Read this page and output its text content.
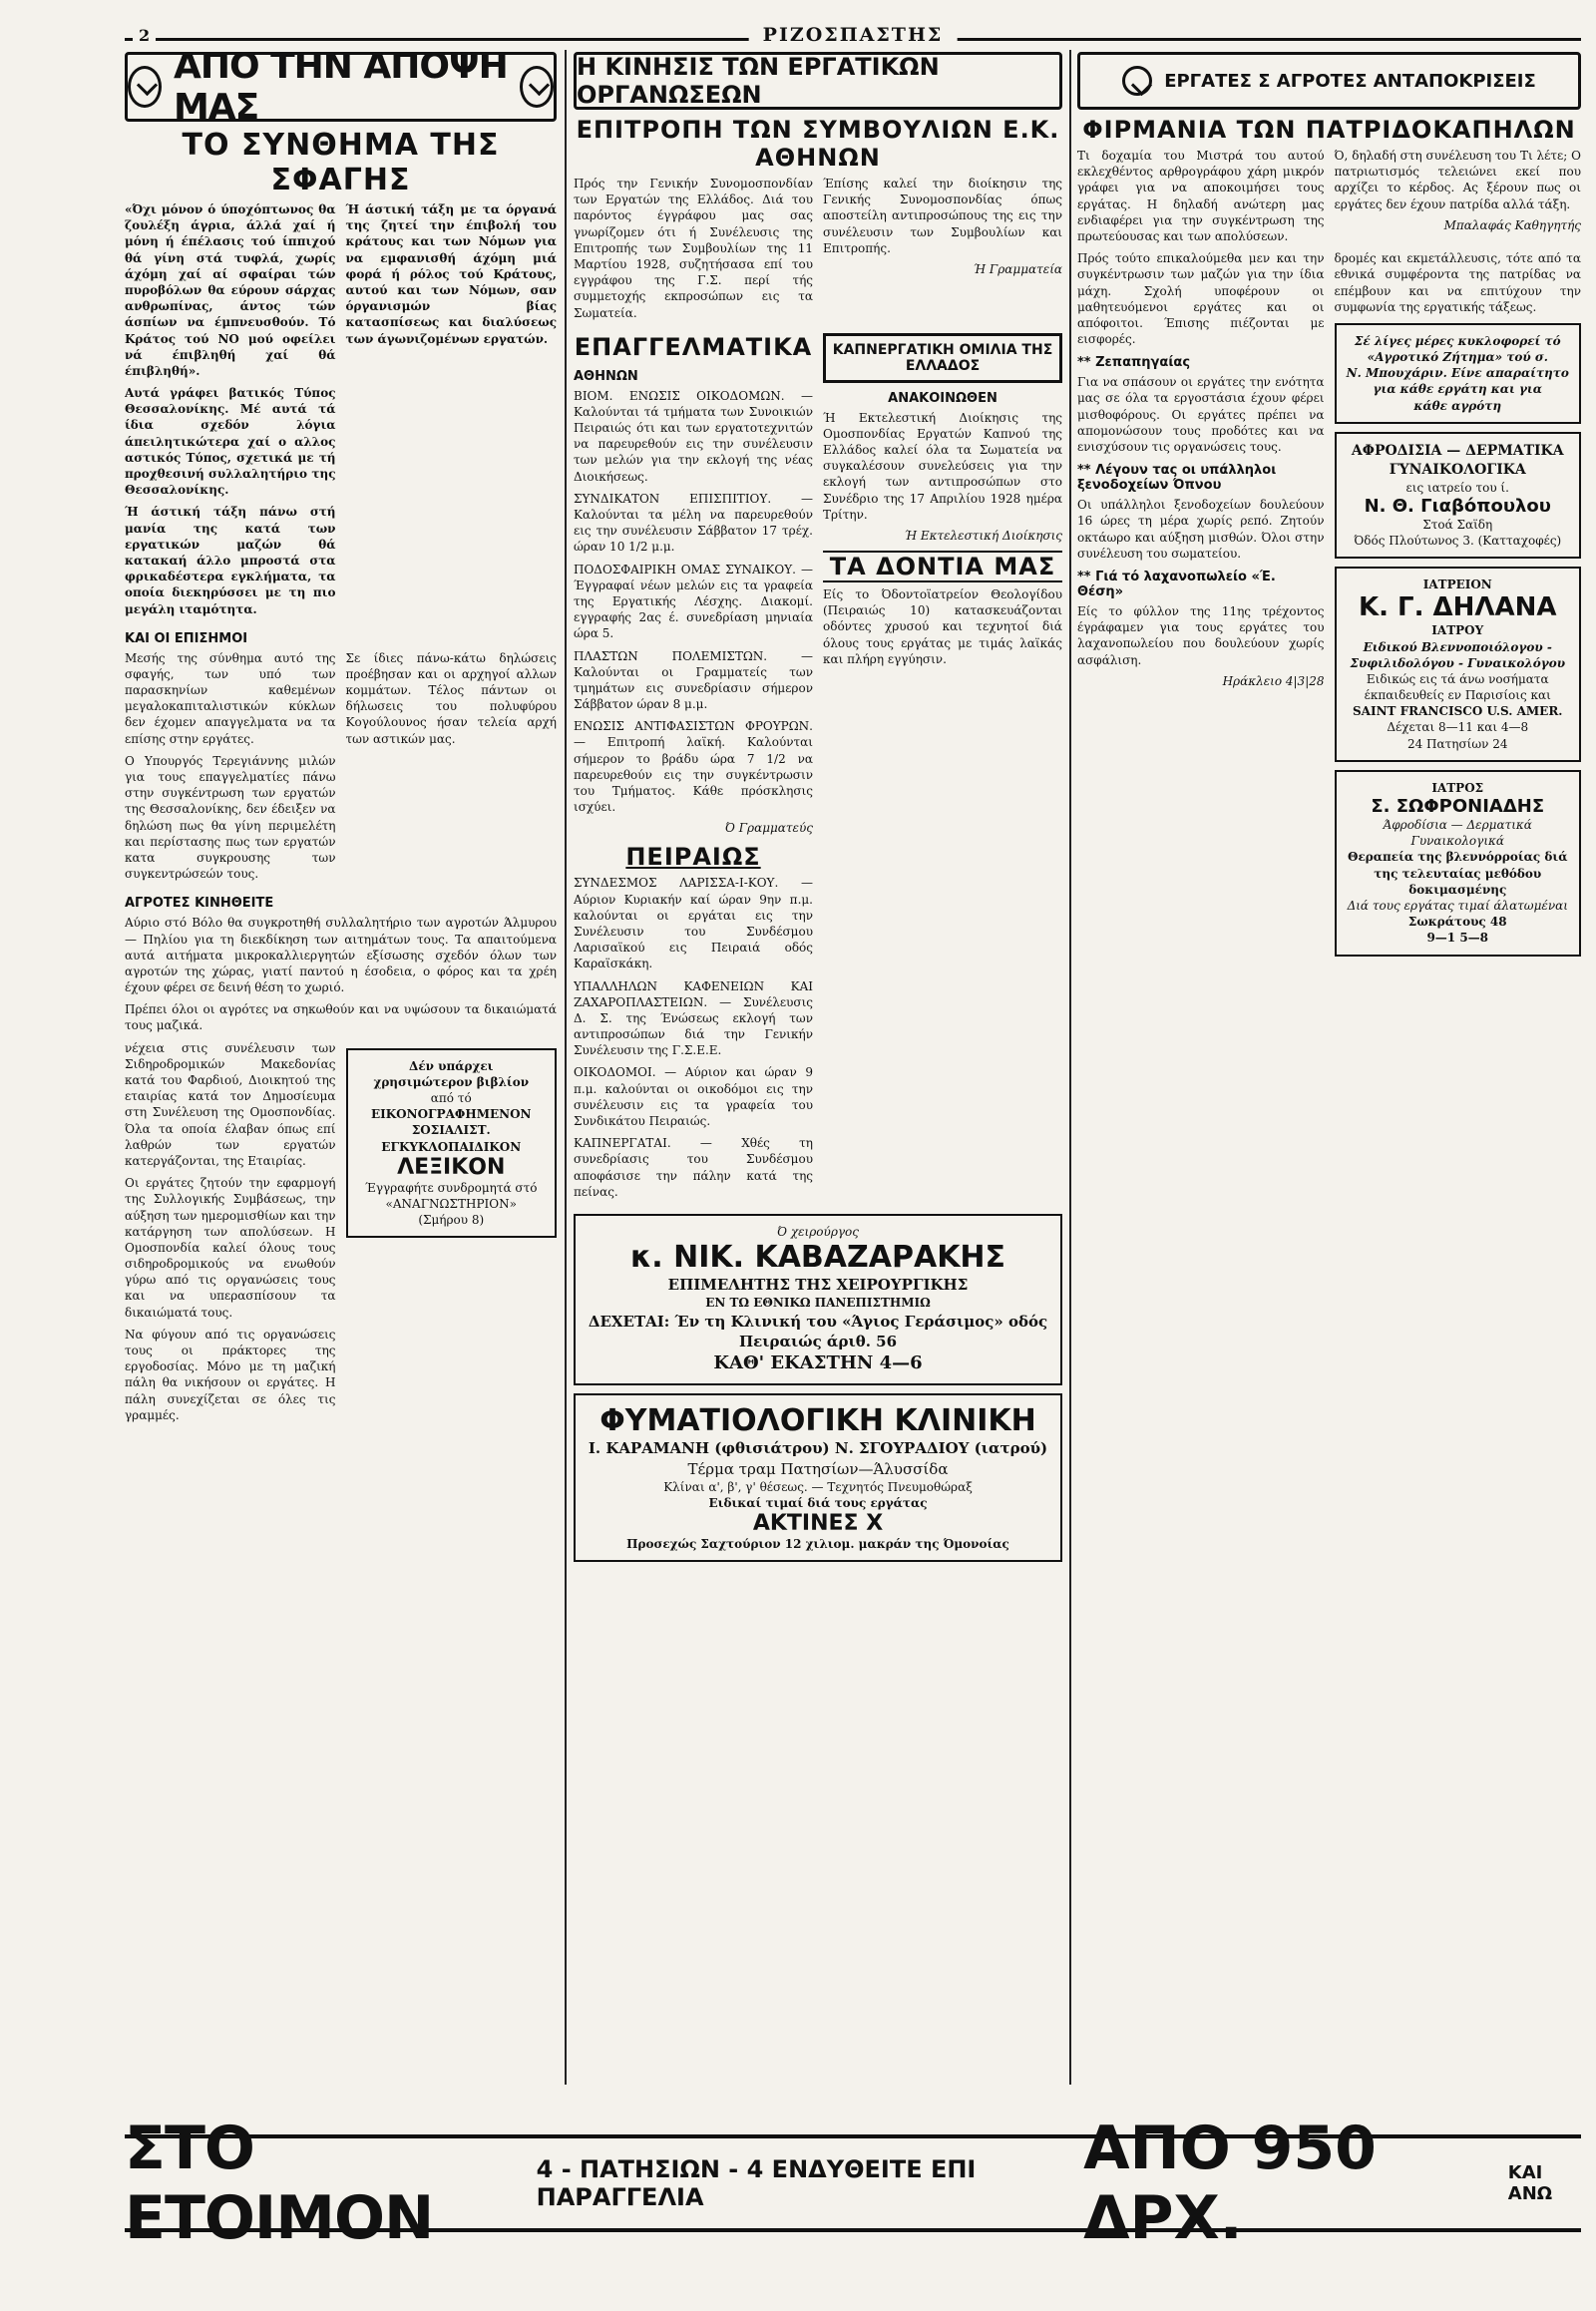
2	ΡΙΖΟΣΠΑΣΤΗΣ
ΑΠΟ ΤΗΝ ΑΠΟΨΗ ΜΑΣ
ΤΟ ΣΥΝΘΗΜΑ ΤΗΣ ΣΦΑΓΗΣ

«Όχι μόνον ό ύποχόπτωνος θα ζουλέξη άγρια, άλλά χαί ή μόνη ή έπέλασις τού ίππιχού θά γίνη στά τυφλά, χωρίς άχόμη χαί αί σφαίραι τών πυροβόλων θα εύρουν σάρχας ανθρωπίνας, άντος τών άσπίων να έμπνευσθούν. Τό Κράτος τού ΝΟ μού οφείλει νά έπιβληθή χαί θά έπιβληθή».

Αυτά γράφει βατικός Τύπος Θεσσαλονίκης. Μέ αυτά τά ίδια σχεδόν λόγια άπειλητικώτερα χαί ο αλλος αστικός Τύπος, σχετικά με τή προχθεσινή συλλαλητήριο της Θεσσαλονίκης.

Ή άστική τάξη πάνω στή μανία της κατά των εργατικών μαζών θά κατακαή άλλο μπροστά στα φρικαδέστερα εγκλήματα, τα οποία διεκηρύσσει με τη πιο μεγάλη ιταμότητα.

Ή άστική τάξη με τα όργανά της ζητεί την έπιβολή του κράτους και των Νόμων για να εμφανισθή άχόμη μιά φορά ή ρόλος τού Κράτους, αυτού και των Νόμων, σαν όργανισμών βίας κατασπίσεως και διαλύσεως των άγωνιζομένων εργατών.

ΚΑΙ ΟΙ ΕΠΙΣΗΜΟΙ

Μεσής της σύνθημα αυτό της σφαγής, των υπό των παρασκηνίων καθεμένων μεγαλοκαπιταλιστικών κύκλων δεν έχομεν απαγγελματα να τα επίσης στην εργάτες.

Ο Υπουργός Τερεγιάννης μιλών για τους επαγγελματίες πάνω στην συγκέντρωση των εργατών της Θεσσαλονίκης, δεν έδειξεν να δηλώση πως θα γίνη περιμελέτη και περίστασης πως των εργατών κατα συγκρουσης των συγκεντρώσεών τους.

Σε ίδιες πάνω-κάτω δηλώσεις προέβησαν και οι αρχηγοί αλλων κομμάτων. Τέλος πάντων οι δήλωσεις του πολυφύρου Κογούλουνος ήσαν τελεία αρχή των αστικών μας.

ΑΓΡΟΤΕΣ ΚΙΝΗΘΕΙΤΕ

Αύριο στό Βόλο θα συγκροτηθή συλλαλητήριο των αγροτών Άλμυρου — Πηλίου για τη διεκδίκηση των αιτημάτων τους. Τα απαιτούμενα αυτά αιτήματα μικροκαλλιεργητών εξίσωσης σχεδόν όλων των αγροτών της χώρας, γιατί παντού η έσοδεια, ο φόρος και τα χρέη έχουν φέρει σε δεινή θέση το χωριό.

Πρέπει όλοι οι αγρότες να σηκωθούν και να υψώσουν τα δικαιώματά τους μαζικά.

νέχεια στις συνέλευσιν των Σιδηροδρομικών Μακεδονίας κατά του Φαρδιού, Διοικητού της εταιρίας κατά τον Δημοσίευμα στη Συνέλευση της Ομοσπονδίας. Όλα τα οποία έλαβαν όπως επί λαθρών των εργατών κατεργάζονται, της Εταιρίας.

Οι εργάτες ζητούν την εφαρμογή της Συλλογικής Συμβάσεως, την αύξηση των ημερομισθίων και την κατάργηση των απολύσεων. Η Ομοσπονδία καλεί όλους τους σιδηροδρομικούς να ενωθούν γύρω από τις οργανώσεις τους και να υπερασπίσουν τα δικαιώματά τους.

Να φύγουν από τις οργανώσεις τους οι πράκτορες της εργοδοσίας. Μόνο με τη μαζική πάλη θα νικήσουν οι εργάτες. Η πάλη συνεχίζεται σε όλες τις γραμμές.

Δέν υπάρχει χρησιμώτερον βιβλίον
από τό
ΕΙΚΟΝΟΓΡΑΦΗΜΕΝΟΝ
ΣΟΣΙΑΛΙΣΤ. ΕΓΚΥΚΛΟΠΑΙΔΙΚΟΝ
ΛΕΞΙΚΟΝ
Έγγραφήτε συνδρομητά στό «ΑΝΑΓΝΩΣΤΗΡΙΟΝ»
(Σμήρου 8)
Η ΚΙΝΗΣΙΣ ΤΩΝ ΕΡΓΑΤΙΚΩΝ ΟΡΓΑΝΩΣΕΩΝ
ΕΠΙΤΡΟΠΗ ΤΩΝ ΣΥΜΒΟΥΛΙΩΝ Ε.Κ. ΑΘΗΝΩΝ

Πρός την Γενικήν Συνομοσπονδίαν των Εργατών της Ελλάδος. Διά του παρόντος έγγράφου μας σας γνωρίζομεν ότι ή Συνέλευσις της Επιτροπής των Συμβουλίων της 11 Μαρτίου 1928, συζητήσασα επί του εγγράφου της Γ.Σ. περί τής συμμετοχής εκπροσώπων εις τα Σωματεία.

Έπίσης καλεί την διοίκησιν της Γενικής Συνομοσπονδίας όπως αποστείλη αντιπροσώπους της εις την συνέλευσιν των Συμβουλίων και Επιτροπής.

Ή Γραμματεία

ΕΠΑΓΓΕΛΜΑΤΙΚΑ
ΑΘΗΝΩΝ

ΒΙΟΜ. ΕΝΩΣΙΣ ΟΙΚΟΔΟΜΩΝ. — Καλούνται τά τμήματα των Συνοικιών Πειραιώς ότι και των εργατοτεχνιτών να παρευρεθούν εις την συνέλευσιν των μελών για την εκλογή της νέας Διοικήσεως.

ΣΥΝΔΙΚΑΤΟΝ ΕΠΙΣΠΙΤΙΟΥ. — Καλούνται τα μέλη να παρευρεθούν εις την συνέλευσιν Σάββατον 17 τρέχ. ώραν 10 1/2 μ.μ.

ΠΟΔΟΣΦΑΙΡΙΚΗ ΟΜΑΣ ΣΥΝΑΙΚΟΥ. — Έγγραφαί νέων μελών εις τα γραφεία της Εργατικής Λέσχης. Διακομί. εγγραφής 2ας έ. συνεδρίαση μηνιαία ώρα 5.

ΠΛΑΣΤΩΝ ΠΟΛΕΜΙΣΤΩΝ. — Καλούνται οι Γραμματείς των τμημάτων εις συνεδρίασιν σήμερον Σάββατον ώραν 8 μ.μ.

ΕΝΩΣΙΣ ΑΝΤΙΦΑΣΙΣΤΩΝ ΦΡΟΥΡΩΝ. — Επιτροπή λαϊκή. Καλούνται σήμερον το βράδυ ώρα 7 1/2 να παρευρεθούν εις την συγκέντρωσιν του Τμήματος. Κάθε πρόσκλησις ισχύει.

Ό Γραμματεύς

ΠΕΙΡΑΙΩΣ

ΣΥΝΔΕΣΜΟΣ ΛΑΡΙΣΣΑ-Ι-ΚΟΥ. — Αύριον Κυριακήν καί ώραν 9ην π.μ. καλούνται οι εργάται εις την Συνέλευσιν του Συνδέσμου Λαρισαϊκού εις Πειραιά οδός Καραϊσκάκη.

ΥΠΑΛΛΗΛΩΝ ΚΑΦΕΝΕΙΩΝ ΚΑΙ ΖΑΧΑΡΟΠΛΑΣΤΕΙΩΝ. — Συνέλευσις Δ. Σ. της Ένώσεως εκλογή των αντιπροσώπων διά την Γενικήν Συνέλευσιν της Γ.Σ.Ε.Ε.

ΟΙΚΟΔΟΜΟΙ. — Αύριον και ώραν 9 π.μ. καλούνται οι οικοδόμοι εις την συνέλευσιν εις τα γραφεία του Συνδικάτου Πειραιώς.

ΚΑΠΝΕΡΓΑΤΑΙ. — Χθές τη συνεδρίασις του Συνδέσμου αποφάσισε την πάλην κατά της πείνας.

ΚΑΠΝΕΡΓΑΤΙΚΗ ΟΜΙΛΙΑ ΤΗΣ ΕΛΛΑΔΟΣ
ΑΝΑΚΟΙΝΩΘΕΝ

Ή Εκτελεστική Διοίκησις της Ομοσπονδίας Εργατών Καπνού της Ελλάδος καλεί όλα τα Σωματεία να συγκαλέσουν συνελεύσεις για την εκλογή των αντιπροσώπων στο Συνέδριο της 17 Απριλίου 1928 ημέρα Τρίτην.

Ή Εκτελεστική Διοίκησις

ΤΑ ΔΟΝΤΙΑ ΜΑΣ

Είς το Όδοντοϊατρείον Θεολογίδου (Πειραιώς 10) κατασκευάζονται οδόντες χρυσού και τεχνητοί διά όλους τους εργάτας με τιμάς λαϊκάς και πλήρη εγγύησιν.

Ό χειρούργος
κ. ΝΙΚ. ΚΑΒΑΖΑΡΑΚΗΣ
ΕΠΙΜΕΛΗΤΗΣ ΤΗΣ ΧΕΙΡΟΥΡΓΙΚΗΣ
ΕΝ ΤΩ ΕΘΝΙΚΩ ΠΑΝΕΠΙΣΤΗΜΙΩ
ΔΕΧΕΤΑΙ: Έν τη Κλινική του «Άγιος Γεράσιμος» οδός Πειραιώς άριθ. 56
ΚΑΘ' ΕΚΑΣΤΗΝ 4—6
ΦΥΜΑΤΙΟΛΟΓΙΚΗ ΚΛΙΝΙΚΗ
Ι. ΚΑΡΑΜΑΝΗ (φθισιάτρου) Ν. ΣΓΟΥΡΑΔΙΟΥ (ιατρού)
Τέρμα τραμ Πατησίων—Άλυσσίδα
Κλίναι α', β', γ' θέσεως. — Τεχνητός Πνευμοθώραξ
Ειδικαί τιμαί διά τους εργάτας
ΑΚΤΙΝΕΣ Χ
Προσεχώς Σαχτούριον 12 χιλιομ. μακράν της Όμονοίας
ΕΡΓΑΤΕΣ Σ ΑΓΡΟΤΕΣ ΑΝΤΑΠΟΚΡΙΣΕΙΣ
ΦΙΡΜΑΝΙΑ ΤΩΝ ΠΑΤΡΙΔΟΚΑΠΗΛΩΝ

Τι δοχαμία του Μιστρά του αυτού εκλεχθέντος αρθρογράφου χάρη μικρόν γράφει για να αποκοιμήσει τους εργάτας. Η δηλαδή ανώτερη μας ενδιαφέρει για την συγκέντρωση της πρωτεύουσας και των απολύσεων.

Ό, δηλαδή στη συνέλευση του Τι λέτε; Ο πατριωτισμός τελειώνει εκεί που αρχίζει το κέρδος. Ας ξέρουν πως οι εργάτες δεν έχουν πατρίδα αλλά τάξη.

Μπαλαφάς Καθηγητής

Πρός τούτο επικαλούμεθα μεν και την συγκέντρωσιν των μαζών για την ίδια μάχη. Σχολή υποφέρουν οι μαθητευόμενοι εργάτες και οι απόφοιτοι. Έπισης πιέζονται με εισφορές.

** Ζεπαπηγαίας

Για να σπάσουν οι εργάτες την ενότητα μας σε όλα τα εργοστάσια έχουν φέρει μισθοφόρους. Οι εργάτες πρέπει να απομονώσουν τους προδότες και να ενισχύσουν τις οργανώσεις τους.

** Λέγουν τας οι υπάλληλοι ξενοδοχείων Όπνου

Οι υπάλληλοι ξενοδοχείων δουλεύουν 16 ώρες τη μέρα χωρίς ρεπό. Ζητούν οκτάωρο και αύξηση μισθών. Όλοι στην συνέλευση του σωματείου.

** Γιά τό λαχανοπωλείο «Έ. Θέση»

Είς το φύλλον της 11ης τρέχοντος έγράφαμεν για τους εργάτες του λαχανοπωλείου που δουλεύουν χωρίς ασφάλιση.

Ηράκλειο 4|3|28

δρομές και εκμετάλλευσις, τότε από τα εθνικά συμφέροντα της πατρίδας να επέμβουν και να επιτύχουν την συμφωνία της εργατικής τάξεως.

Σέ λίγες μέρες κυκλοφορεί τό
«Αγροτικό Ζήτημα» τού σ.
Ν. Μπουχάριν. Είνε απαραίτητο
για κάθε εργάτη και για
κάθε αγρότη
ΑΦΡΟΔΙΣΙΑ — ΔΕΡΜΑΤΙΚΑ
ΓΥΝΑΙΚΟΛΟΓΙΚΑ
εις ιατρείο του ί.
Ν. Θ. Γιαβόπουλου
Στοά Σαϊδη
Όδός Πλούτωνος 3. (Κατταχοφές)
ΙΑΤΡΕΙΟΝ
Κ. Γ. ΔΗΛΑΝΑ
ΙΑΤΡΟΥ
Ειδικού Βλεννοποιόλογου - Συφιλιδολόγου - Γυναικολόγου
Ειδικώς εις τά άνω νοσήματα έκπαιδευθείς εν Παρισίοις και
SAINT FRANCISCO U.S. AMER.
Δέχεται 8—11 και 4—8
24 Πατησίων 24
ΙΑΤΡΟΣ
Σ. ΣΩΦΡΟΝΙΑΔΗΣ
Άφροδίσια — Δερματικά Γυναικολογικά
Θεραπεία της βλεννόρροίας διά της τελευταίας μεθόδου δοκιμασμένης
Διά τους εργάτας τιμαί άλατωμέναι
Σωκράτους 48
9—1 5—8
ΣΤΟ ΕΤΟΙΜΟΝ
4 - ΠΑΤΗΣΙΩΝ - 4 ΕΝΔΥΘΕΙΤΕ ΕΠΙ ΠΑΡΑΓΓΕΛΙΑ
ΑΠΟ 950 ΔΡΧ.
ΚΑΙ ΑΝΩ
